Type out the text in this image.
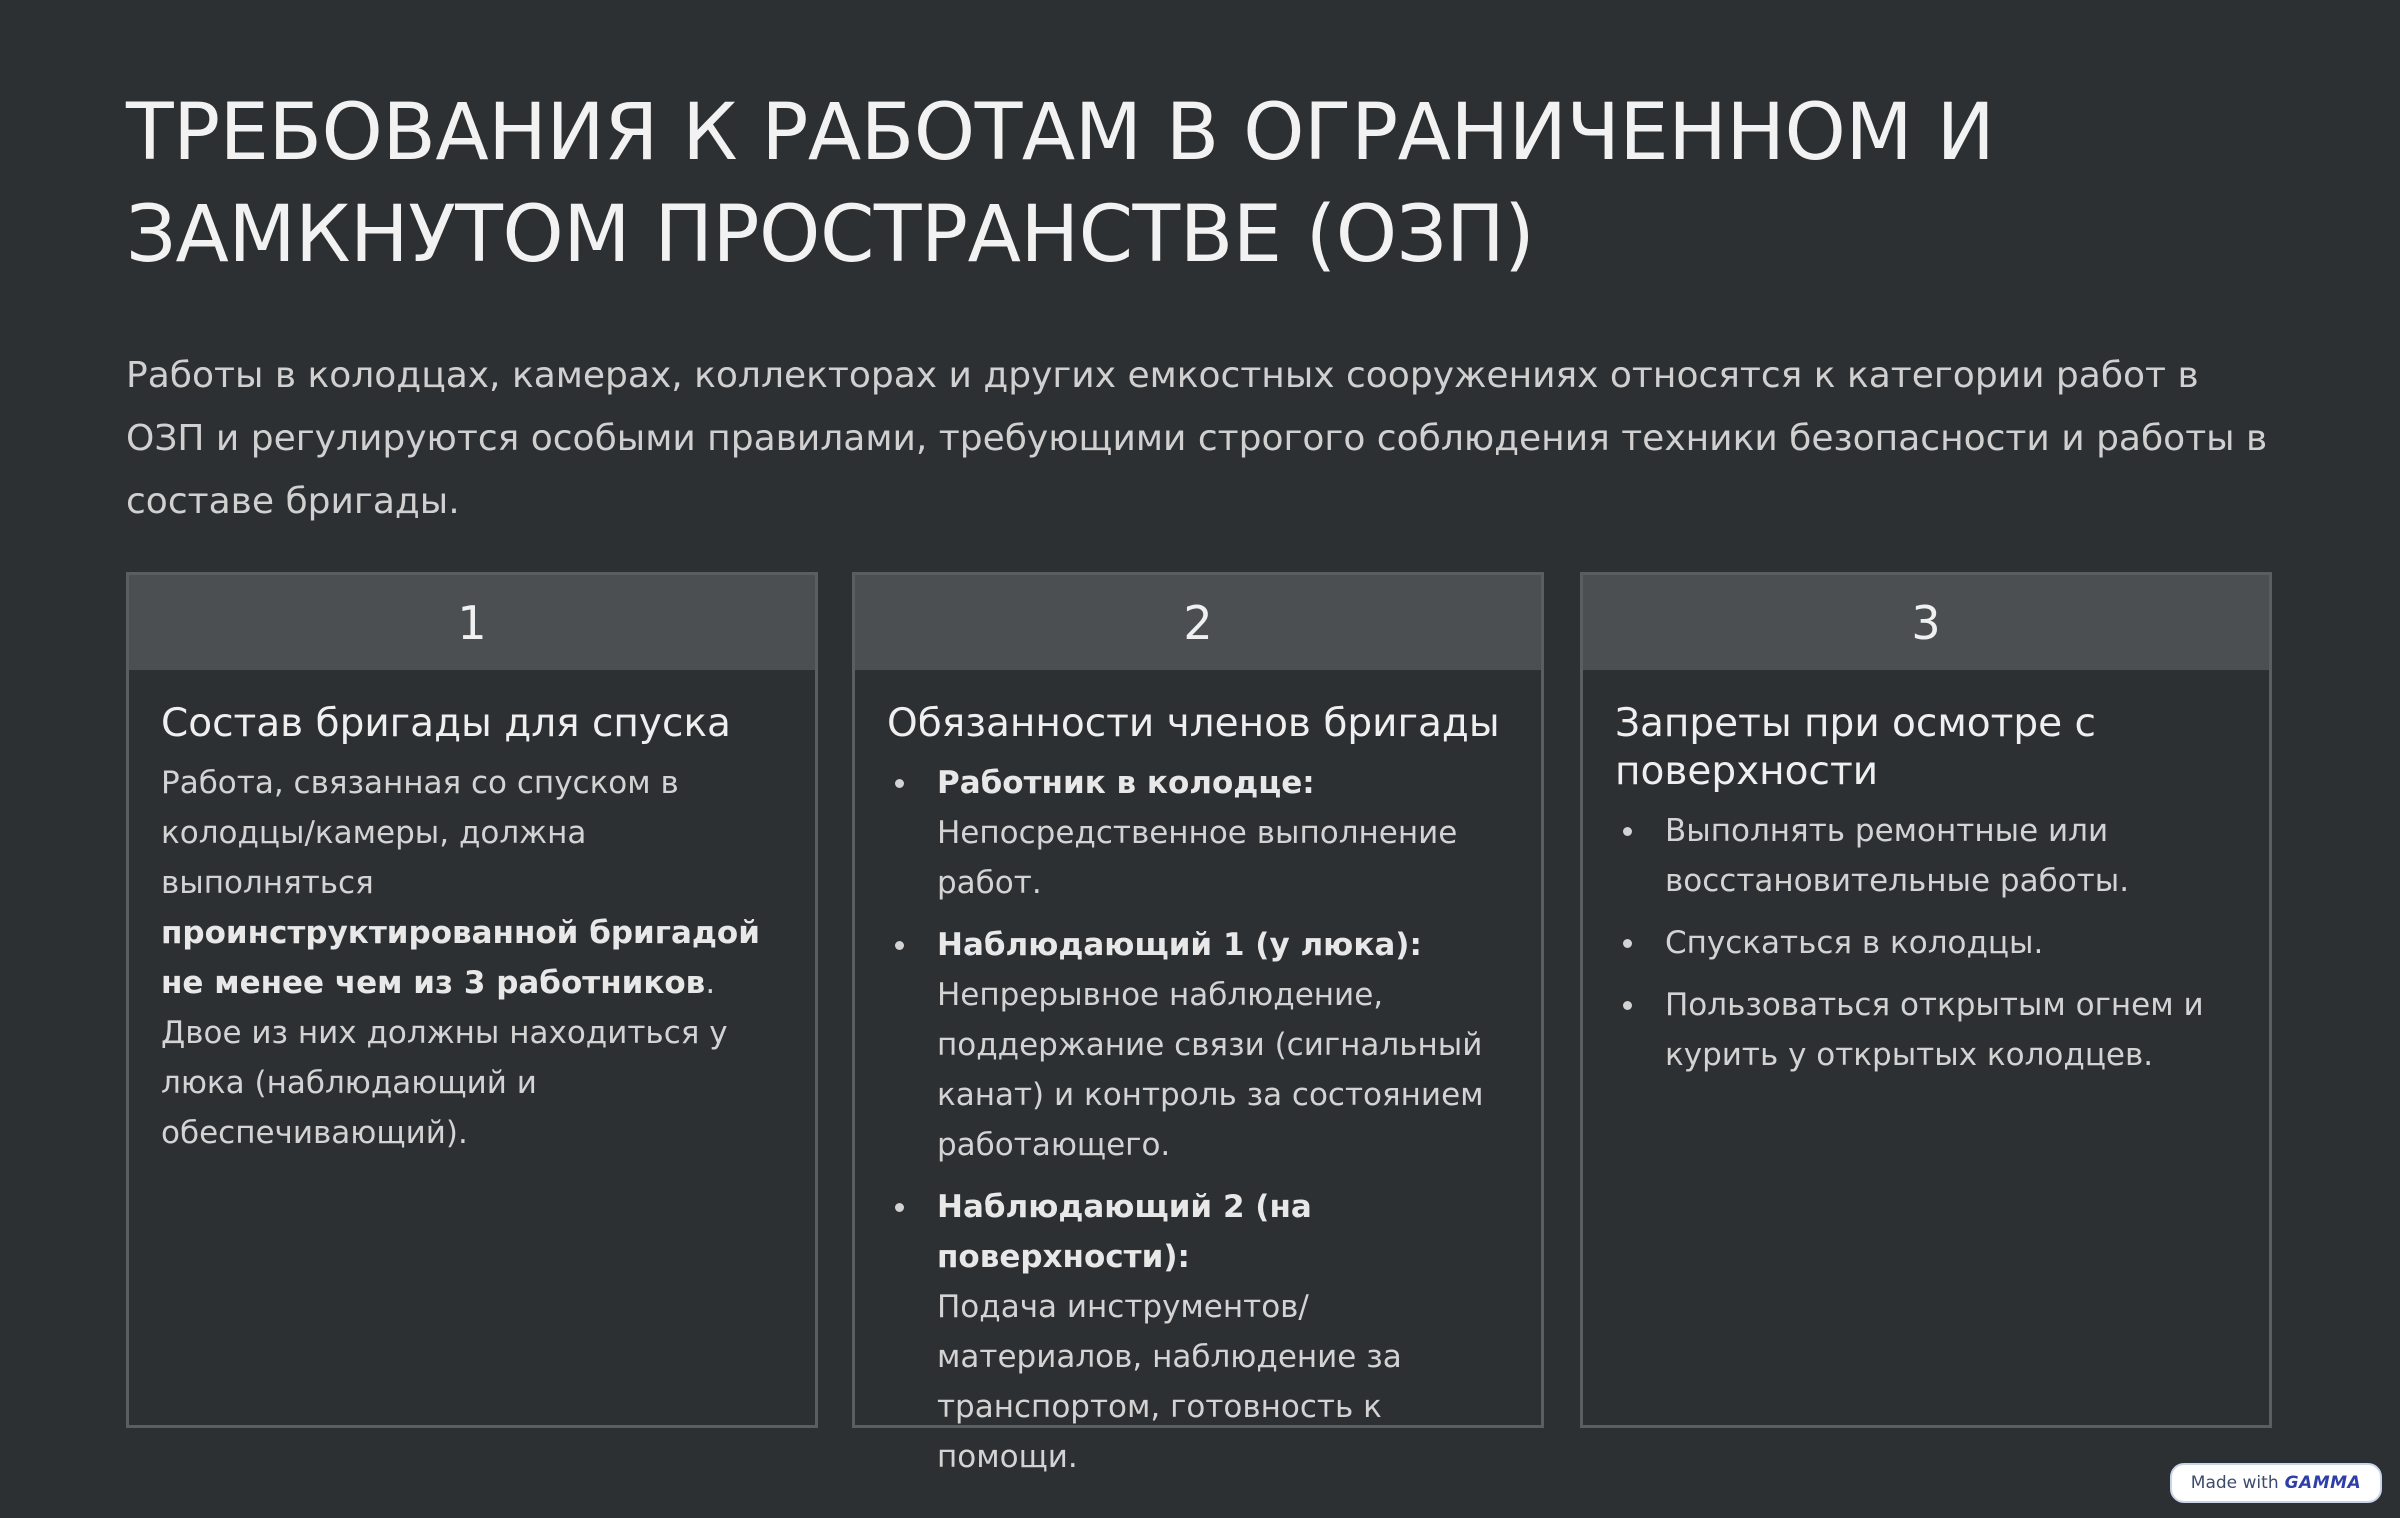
ТРЕБОВАНИЯ К РАБОТАМ В ОГРАНИЧЕННОМ И ЗАМКНУТОМ ПРОСТРАНСТВЕ (ОЗП)

Работы в колодцах, камерах, коллекторах и других емкостных сооружениях относятся к категории работ в ОЗП и регулируются особыми правилами, требующими строгого соблюдения техники безопасности и работы в составе бригады.

1
Состав бригады для спуска

Работа, связанная со спуском в колодцы/камеры, должна выполняться проинструктированной бригадой не менее чем из 3 работников. Двое из них должны находиться у люка (наблюдающий и обеспечивающий).

2
Обязанности членов бригады
Работник в колодце:
Непосредственное выполнение работ.
Наблюдающий 1 (у люка):
Непрерывное наблюдение, поддержание связи (сигнальный канат) и контроль за состоянием работающего.
Наблюдающий 2 (на поверхности):
Подача инструментов/материалов, наблюдение за транспортом, готовность к помощи.
3
Запреты при осмотре с поверхности
Выполнять ремонтные или восстановительные работы.
Спускаться в колодцы.
Пользоваться открытым огнем и курить у открытых колодцев.
Made with GAMMA
